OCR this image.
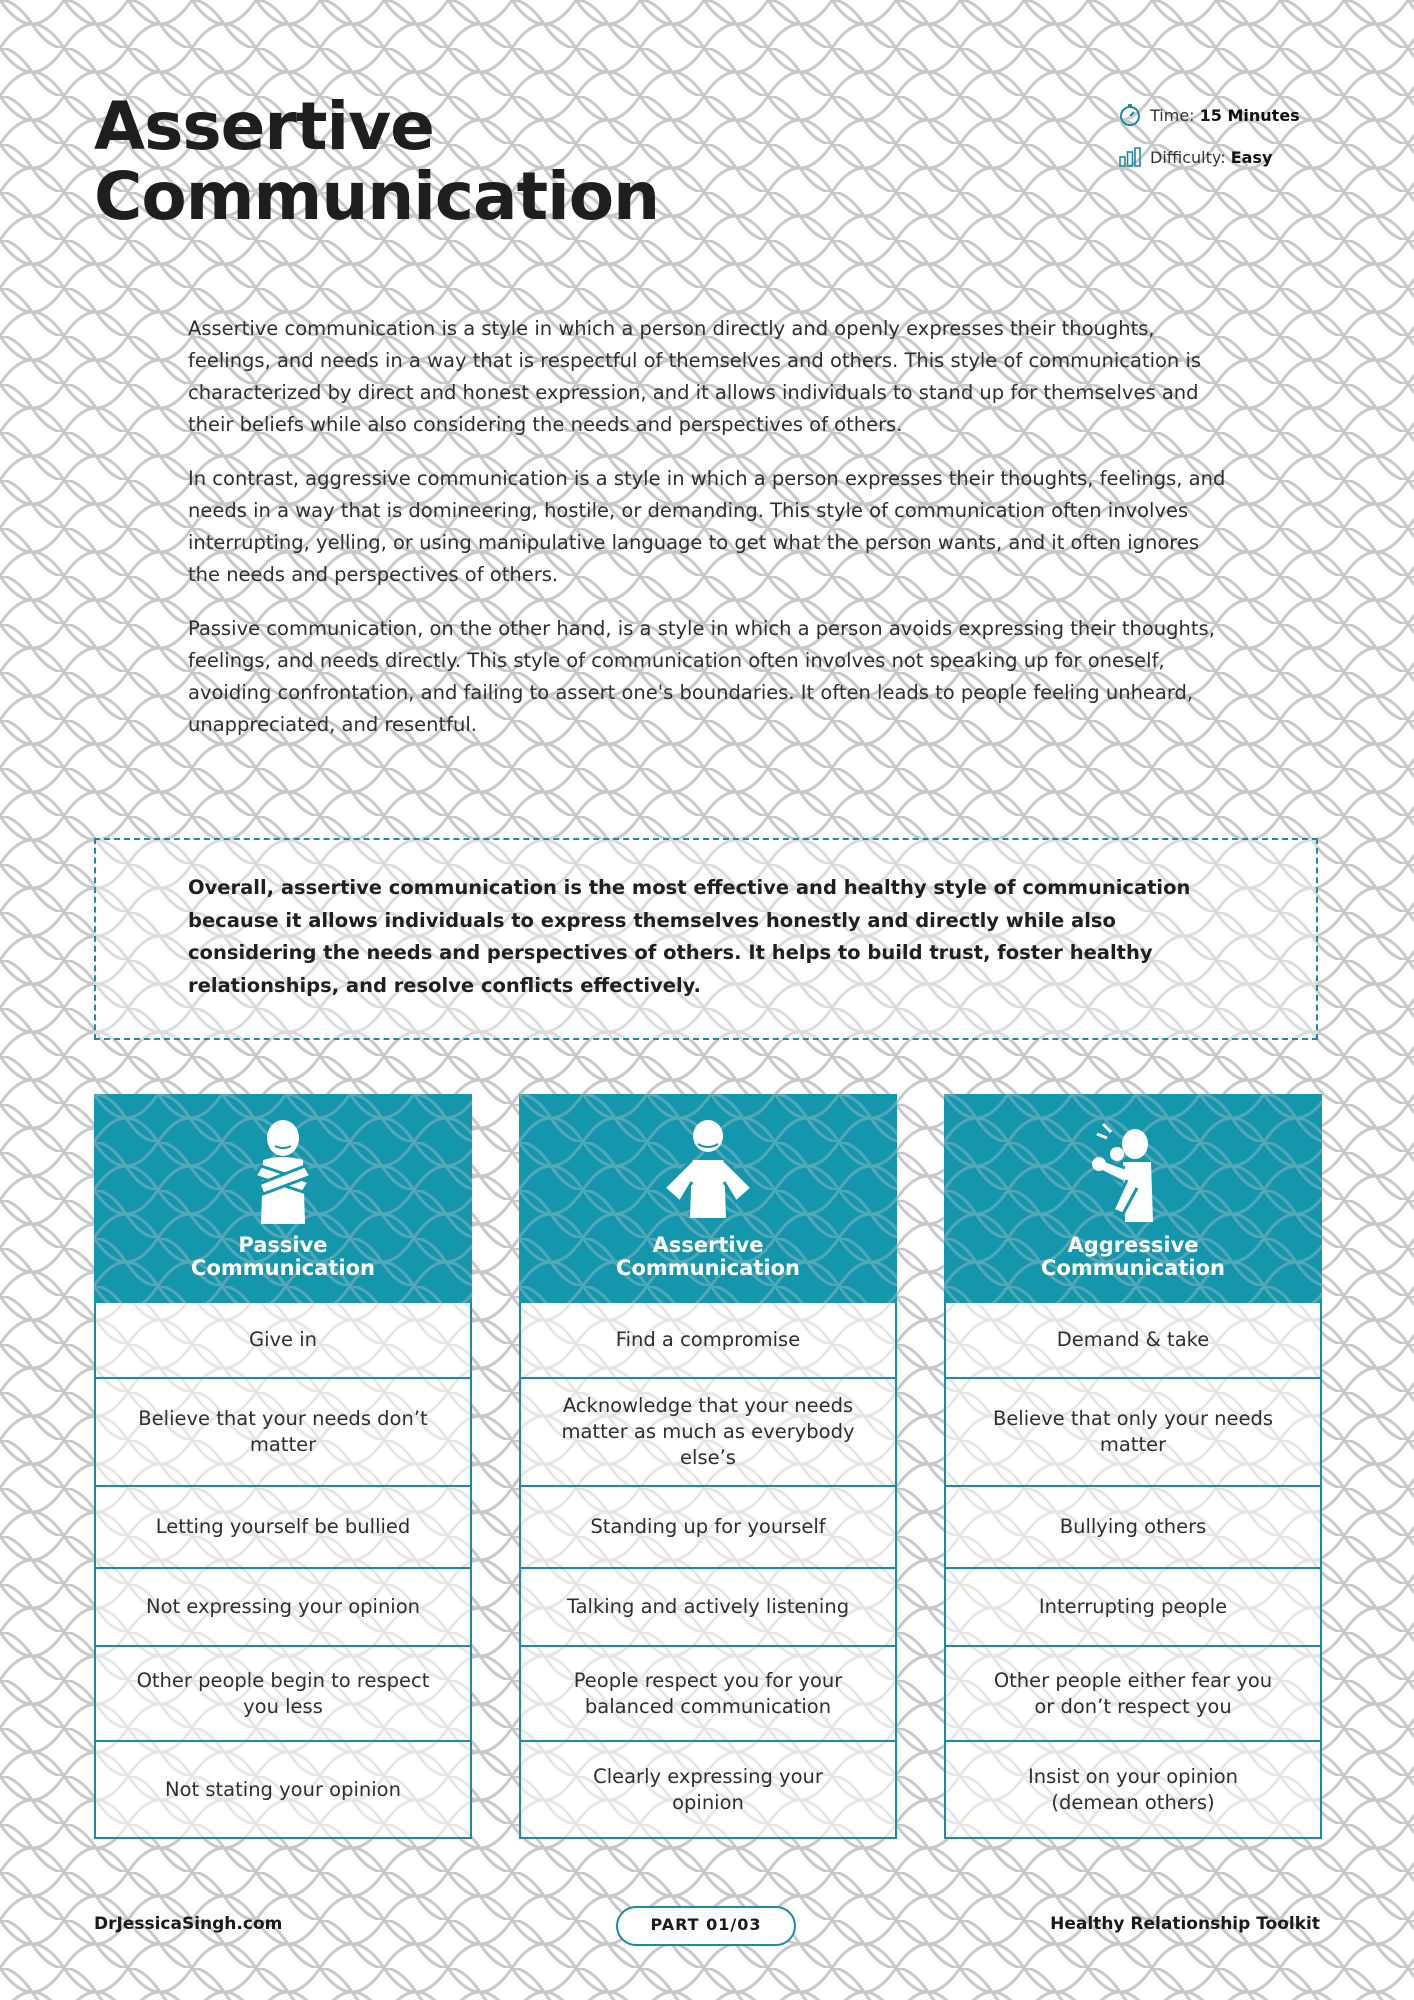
Assertive
Communication
Time:
15 Minutes
Difficulty:
Easy

Assertive communication is a style in which a person directly and openly expresses their thoughts, feelings, and needs in a way that is respectful of themselves and others. This style of communication is characterized by direct and honest expression, and it allows individuals to stand up for themselves and their beliefs while also considering the needs and perspectives of others.

In contrast, aggressive communication is a style in which a person expresses their thoughts, feelings, and needs in a way that is domineering, hostile, or demanding. This style of communication often involves interrupting, yelling, or using manipulative language to get what the person wants, and it often ignores the needs and perspectives of others.

Passive communication, on the other hand, is a style in which a person avoids expressing their thoughts, feelings, and needs directly. This style of communication often involves not speaking up for oneself, avoiding confrontation, and failing to assert one's boundaries. It often leads to people feeling unheard, unappreciated, and resentful.

Overall, assertive communication is the most effective and healthy style of communication because it allows individuals to express themselves honestly and directly while also considering the needs and perspectives of others. It helps to build trust, foster healthy relationships, and resolve conflicts effectively.

Passive
Communication
Give in
Believe that your needs don’t matter
Letting yourself be bullied
Not expressing your opinion
Other people begin to respect you less
Not stating your opinion
Assertive
Communication
Find a compromise
Acknowledge that your needs matter as much as everybody else’s
Standing up for yourself
Talking and actively listening
People respect you for your balanced communication
Clearly expressing your opinion
Aggressive
Communication
Demand & take
Believe that only your needs matter
Bullying others
Interrupting people
Other people either fear you or don’t respect you
Insist on your opinion (demean others)
DrJessicaSingh.com	PART 01/03	Healthy Relationship Toolkit
